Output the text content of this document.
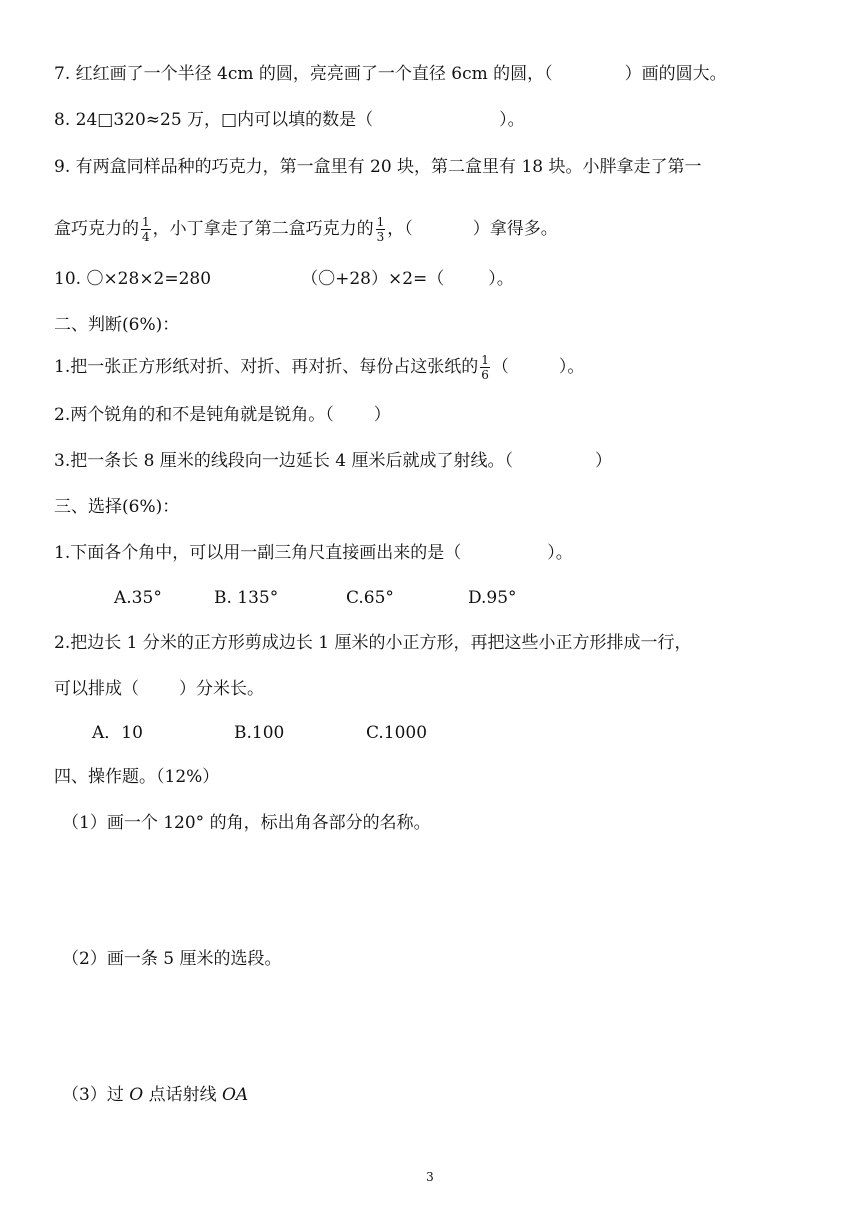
7. 红红画了一个半径 4cm 的圆，亮亮画了一个直径 6cm 的圆，（	）画的圆大。
8. 24□320≈25 万，□内可以填的数是（	）。
9. 有两盒同样品种的巧克力，第一盒里有 20 块，第二盒里有 18 块。小胖拿走了第一
盒巧克力的 $\frac{1}{4}$ ，小丁拿走了第二盒巧克力的 $\frac{1}{3}$ ，（	）拿得多。
10. 〇×28×2=280	（〇+28）×2=（	）。
二、判断(6%)：
1.把一张正方形纸对折、对折、再对折、每份占这张纸的 $\frac{1}{6}$ （	）。
2.两个锐角的和不是钝角就是锐角。（ ）
3.把一条长 8 厘米的线段向一边延长 4 厘米后就成了射线。（	）
三、选择(6%)：
1.下面各个角中，可以用一副三角尺直接画出来的是（	）。
A.35°	B. 135°	C.65°	D.95°
2.把边长 1 分米的正方形剪成边长 1 厘米的小正方形，再把这些小正方形排成一行，
可以排成（ ）分米长。
A．10	B.100	C.1000
四、操作题。（12%）
（1）画一个 120° 的角，标出角各部分的名称。
（2）画一条 5 厘米的选段。
（3）过 O 点话射线 OA
3
